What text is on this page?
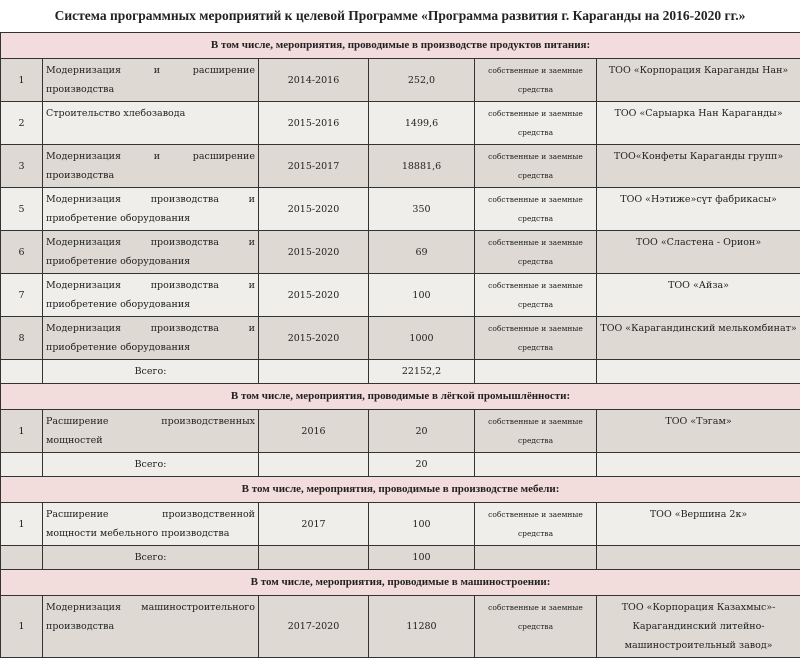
Система программных мероприятий к целевой Программе «Программа развития г. Караганды на 2016-2020 гг.»
В том числе, мероприятия, проводимые в производстве продуктов питания:					
1	Модернизация и расширение производства	2014-2016	252,0	собственные и заемные средства	ТОО «Корпорация Караганды Нан»
2	Строительство хлебозавода	2015-2016	1499,6	собственные и заемные средства	ТОО «Сарыарка Нан Караганды»
3	Модернизация и расширение производства	2015-2017	18881,6	собственные и заемные средства	ТОО«Конфеты Караганды групп»
5	Модернизация производства и приобретение оборудования	2015-2020	350	собственные и заемные средства	ТОО «Нэтиже»сүт фабрикасы»
6	Модернизация производства и приобретение оборудования	2015-2020	69	собственные и заемные средства	ТОО «Сластена - Орион»
7	Модернизация производства и приобретение оборудования	2015-2020	100	собственные и заемные средства	ТОО «Айза»
8	Модернизация производства и приобретение оборудования	2015-2020	1000	собственные и заемные средства	ТОО «Карагандинский мелькомбинат»
	Всего:		22152,2		
В том числе, мероприятия, проводимые в лёгкой промышлённости:					
1	Расширение производственных мощностей	2016	20	собственные и заемные средства	ТОО «Тэгам»
	Всего:		20		
В том числе, мероприятия, проводимые в производстве мебели:					
1	Расширение производственной мощности мебельного производства	2017	100	собственные и заемные средства	ТОО «Вершина 2к»
	Всего:		100		
В том числе, мероприятия, проводимые в машиностроении:					
1	Модернизация машиностроительного производства	2017-2020	11280	собственные и заемные средства	ТОО «Корпорация Казахмыс»- Карагандинский литейно-машиностроительный завод»
